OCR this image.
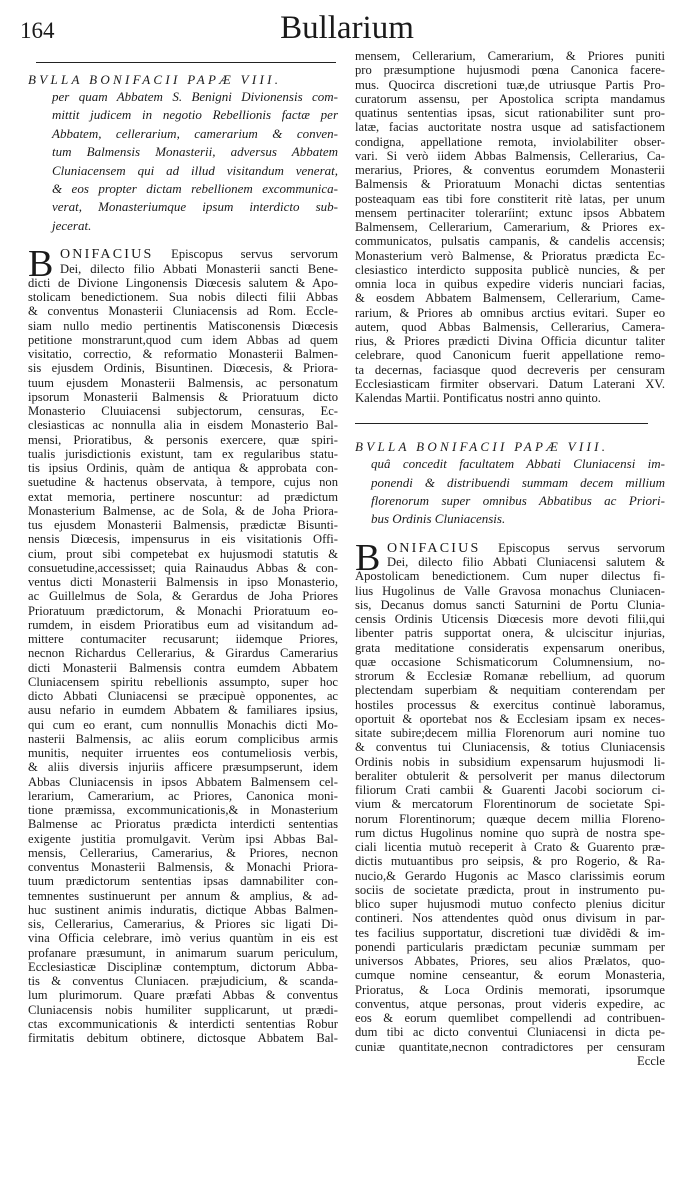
164	Bullarium
BVLLA BONIFACII PAPÆ VIII.
per quam Abbatem S. Benigni Divionensis com-
mittit judicem in negotio Rebellionis factæ per
Abbatem, cellerarium, camerarium & conven-
tum Balmensis Monasterii, adversus Abbatem
Cluniacensem qui ad illud visitandum venerat,
& eos propter dictam rebellionem excommunica-
verat, Monasteriumque ipsum interdicto sub-
jecerat.
B ONIFACIUS Episcopus servus servorum
Dei, dilecto filio Abbati Monasterii sancti Bene-
dicti de Divione Lingonensis Diœcesis salutem & Apo-
stolicam benedictionem. Sua nobis dilecti filii Abbas
& conventus Monasterii Cluniacensis ad Rom. Eccle-
siam nullo medio pertinentis Matisconensis Diœcesis
petitione monstrarunt,quod cum idem Abbas ad quem
visitatio, correctio, & reformatio Monasterii Balmen-
sis ejusdem Ordinis, Bisuntinen. Diœcesis, & Priora-
tuum ejusdem Monasterii Balmensis, ac personatum
ipsorum Monasterii Balmensis & Prioratuum dicto
Monasterio Cluuiacensi subjectorum, censuras, Ec-
clesiasticas ac nonnulla alia in eisdem Monasterio Bal-
mensi, Prioratibus, & personis exercere, quæ spiri-
tualis jurisdictionis existunt, tam ex regularibus statu-
tis ipsius Ordinis, quàm de antiqua & approbata con-
suetudine & hactenus observata, à tempore, cujus non
extat memoria, pertinere noscuntur: ad prædictum
Monasterium Balmense, ac de Sola, & de Joha Priora-
tus ejusdem Monasterii Balmensis, prædictæ Bisunti-
nensis Diœcesis, impensurus in eis visitationis Offi-
cium, prout sibi competebat ex hujusmodi statutis &
consuetudine,accessisset; quia Rainaudus Abbas & con-
ventus dicti Monasterii Balmensis in ipso Monasterio,
ac Guillelmus de Sola, & Gerardus de Joha Priores
Prioratuum prædictorum, & Monachi Prioratuum eo-
rumdem, in eisdem Prioratibus eum ad visitandum ad-
mittere contumaciter recusarunt; iidemque Priores,
necnon Richardus Cellerarius, & Girardus Camerarius
dicti Monasterii Balmensis contra eumdem Abbatem
Cluniacensem spiritu rebellionis assumpto, super hoc
dicto Abbati Cluniacensi se præcipuè opponentes, ac
ausu nefario in eumdem Abbatem & familiares ipsius,
qui cum eo erant, cum nonnullis Monachis dicti Mo-
nasterii Balmensis, ac aliis eorum complicibus armis
munitis, nequiter irruentes eos contumeliosis verbis,
& aliis diversis injuriis afficere præsumpserunt, idem
Abbas Cluniacensis in ipsos Abbatem Balmensem cel-
lerarium, Camerarium, ac Priores, Canonica moni-
tione præmissa, excommunicationis,& in Monasterium
Balmense ac Prioratus prædicta interdicti sententias
exigente justitia promulgavit. Verùm ipsi Abbas Bal-
mensis, Cellerarius, Camerarius, & Priores, necnon
conventus Monasterii Balmensis, & Monachi Priora-
tuum prædictorum sententias ipsas damnabiliter con-
temnentes sustinuerunt per annum & amplius, & ad-
huc sustinent animis induratis, dictique Abbas Balmen-
sis, Cellerarius, Camerarius, & Priores sic ligati Di-
vina Officia celebrare, imò verius quantùm in eis est
profanare præsumunt, in animarum suarum periculum,
Ecclesiasticæ Disciplinæ contemptum, dictorum Abba-
tis & conventus Cluniacen. præjudicium, & scanda-
lum plurimorum. Quare præfati Abbas & conventus
Cluniacensis nobis humiliter supplicarunt, ut prædi-
ctas excommunicationis & interdicti sententias Robur
firmitatis debitum obtinere, dictosque Abbatem Bal-
mensem, Cellerarium, Camerarium, & Priores puniti
pro præsumptione hujusmodi pœna Canonica facere-
mus. Quocirca discretioni tuæ,de utriusque Partis Pro-
curatorum assensu, per Apostolica scripta mandamus
quatinus sententias ipsas, sicut rationabiliter sunt pro-
latæ, facias auctoritate nostra usque ad satisfactionem
condigna, appellatione remota, inviolabiliter obser-
vari. Si verò iidem Abbas Balmensis, Cellerarius, Ca-
merarius, Priores, & conventus eorumdem Monasterii
Balmensis & Prioratuum Monachi dictas sententias
posteaquam eas tibi fore constiterit ritè latas, per unum
mensem pertinaciter toleraríint; extunc ipsos Abbatem
Balmensem, Cellerarium, Camerarium, & Priores ex-
communicatos, pulsatis campanis, & candelis accensis;
Monasterium verò Balmense, & Prioratus prædicta Ec-
clesiastico interdicto supposita publicè nuncies, & per
omnia loca in quibus expedire videris nunciari facias,
& eosdem Abbatem Balmensem, Cellerarium, Came-
rarium, & Priores ab omnibus arctius evitari. Super eo
autem, quod Abbas Balmensis, Cellerarius, Camera-
rius, & Priores prædicti Divina Officia dicuntur taliter
celebrare, quod Canonicum fuerit appellatione remo-
ta decernas, faciasque quod decreveris per censuram
Ecclesiasticam firmiter observari. Datum Laterani XV.
Kalendas Martii. Pontificatus nostri anno quinto.
BVLLA BONIFACII PAPÆ VIII.
quâ concedit facultatem Abbati Cluniacensi im-
ponendi & distribuendi summam decem millium
florenorum super omnibus Abbatibus ac Priori-
bus Ordinis Cluniacensis.
B ONIFACIUS Episcopus servus servorum
Dei, dilecto filio Abbati Cluniacensi salutem &
Apostolicam benedictionem. Cum nuper dilectus fi-
lius Hugolinus de Valle Gravosa monachus Cluniacen-
sis, Decanus domus sancti Saturnini de Portu Clunia-
censis Ordinis Uticensis Diœcesis more devoti filii,qui
libenter patris supportat onera, & ulciscitur injurias,
grata meditatione consideratis expensarum oneribus,
quæ occasione Schismaticorum Columnensium, no-
strorum & Ecclesiæ Romanæ rebellium, ad quorum
plectendam superbiam & nequitiam conterendam per
hostiles processus & exercitus continuè laboramus,
oportuit & oportebat nos & Ecclesiam ipsam ex neces-
sitate subire;decem millia Florenorum auri nomine tuo
& conventus tui Cluniacensis, & totius Cluniacensis
Ordinis nobis in subsidium expensarum hujusmodi li-
beraliter obtulerit & persolverit per manus dilectorum
filiorum Crati cambii & Guarenti Jacobi sociorum ci-
vium & mercatorum Florentinorum de societate Spi-
norum Florentinorum; quæque decem millia Floreno-
rum dictus Hugolinus nomine quo suprà de nostra spe-
ciali licentia mutuò receperit à Crato & Guarento præ-
dictis mutuantibus pro seipsis, & pro Rogerio, & Ra-
nucio,& Gerardo Hugonis ac Masco clarissimis eorum
sociis de societate prædicta, prout in instrumento pu-
blico super hujusmodi mutuo confecto plenius dicitur
contineri. Nos attendentes quòd onus divisum in par-
tes facilius supportatur, discretioni tuæ dividẽdi & im-
ponendi particularis prædictam pecuniæ summam per
universos Abbates, Priores, seu alios Prælatos, quo-
cumque nomine censeantur, & eorum Monasteria,
Prioratus, & Loca Ordinis memorati, ipsorumque
conventus, atque personas, prout videris expedire, ac
eos & eorum quemlibet compellendi ad contribuen-
dum tibi ac dicto conventui Cluniacensi in dicta pe-
cuniæ quantitate,necnon contradictores per censuram
Eccle
